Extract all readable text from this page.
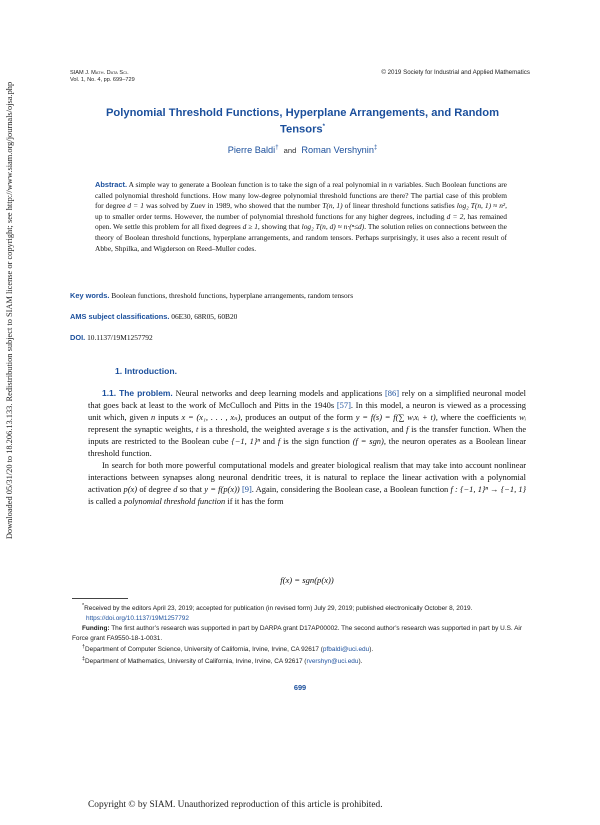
Downloaded 05/31/20 to 18.206.13.133. Redistribution subject to SIAM license or copyright; see http://www.siam.org/journals/ojsa.php
SIAM J. Math. Data Sci.
Vol. 1, No. 4, pp. 699–729
© 2019 Society for Industrial and Applied Mathematics
Polynomial Threshold Functions, Hyperplane Arrangements, and Random
Tensors*
Pierre Baldi† and Roman Vershynin‡
Abstract. A simple way to generate a Boolean function is to take the sign of a real polynomial in n variables. Such Boolean functions are called polynomial threshold functions. How many low-degree polynomial threshold functions are there? The partial case of this problem for degree d = 1 was solved by Zuev in 1989, who showed that the number T(n, 1) of linear threshold functions satisfies log₂ T(n, 1) ≈ n², up to smaller order terms. However, the number of polynomial threshold functions for any higher degrees, including d = 2, has remained open. We settle this problem for all fixed degrees d ≥ 1, showing that log₂ T(n, d) ≈ n·(ⁿ≤d). The solution relies on connections between the theory of Boolean threshold functions, hyperplane arrangements, and random tensors. Perhaps surprisingly, it uses also a recent result of Abbe, Shpilka, and Wigderson on Reed–Muller codes.
Key words. Boolean functions, threshold functions, hyperplane arrangements, random tensors
AMS subject classifications. 06E30, 68R05, 60B20
DOI. 10.1137/19M1257792
1. Introduction.

1.1. The problem. Neural networks and deep learning models and applications [86] rely on a simplified neuronal model that goes back at least to the work of McCulloch and Pitts in the 1940s [57]. In this model, a neuron is viewed as a processing unit which, given n inputs x = (x₁, . . . , xₙ), produces an output of the form y = f(s) = f(∑ wᵢxᵢ + t), where the coefficients wᵢ represent the synaptic weights, t is a threshold, the weighted average s is the activation, and f is the transfer function. When the inputs are restricted to the Boolean cube {−1, 1}ⁿ and f is the sign function (f = sgn), the neuron operates as a Boolean linear threshold function.

In search for both more powerful computational models and greater biological realism that may take into account nonlinear interactions between synapses along neuronal dendritic trees, it is natural to replace the linear activation with a polynomial activation p(x) of degree d so that y = f(p(x)) [9]. Again, considering the Boolean case, a Boolean function f : {−1, 1}ⁿ → {−1, 1} is called a polynomial threshold function if it has the form

f(x) = sgn(p(x))

*Received by the editors April 23, 2019; accepted for publication (in revised form) July 29, 2019; published electronically October 8, 2019.

https://doi.org/10.1137/19M1257792

Funding: The first author’s research was supported in part by DARPA grant D17AP00002. The second author’s research was supported in part by U.S. Air Force grant FA9550-18-1-0031.

†Department of Computer Science, University of California, Irvine, Irvine, CA 92617 (pfbaldi@uci.edu).

‡Department of Mathematics, University of California, Irvine, Irvine, CA 92617 (rvershyn@uci.edu).

699
Copyright © by SIAM. Unauthorized reproduction of this article is prohibited.
